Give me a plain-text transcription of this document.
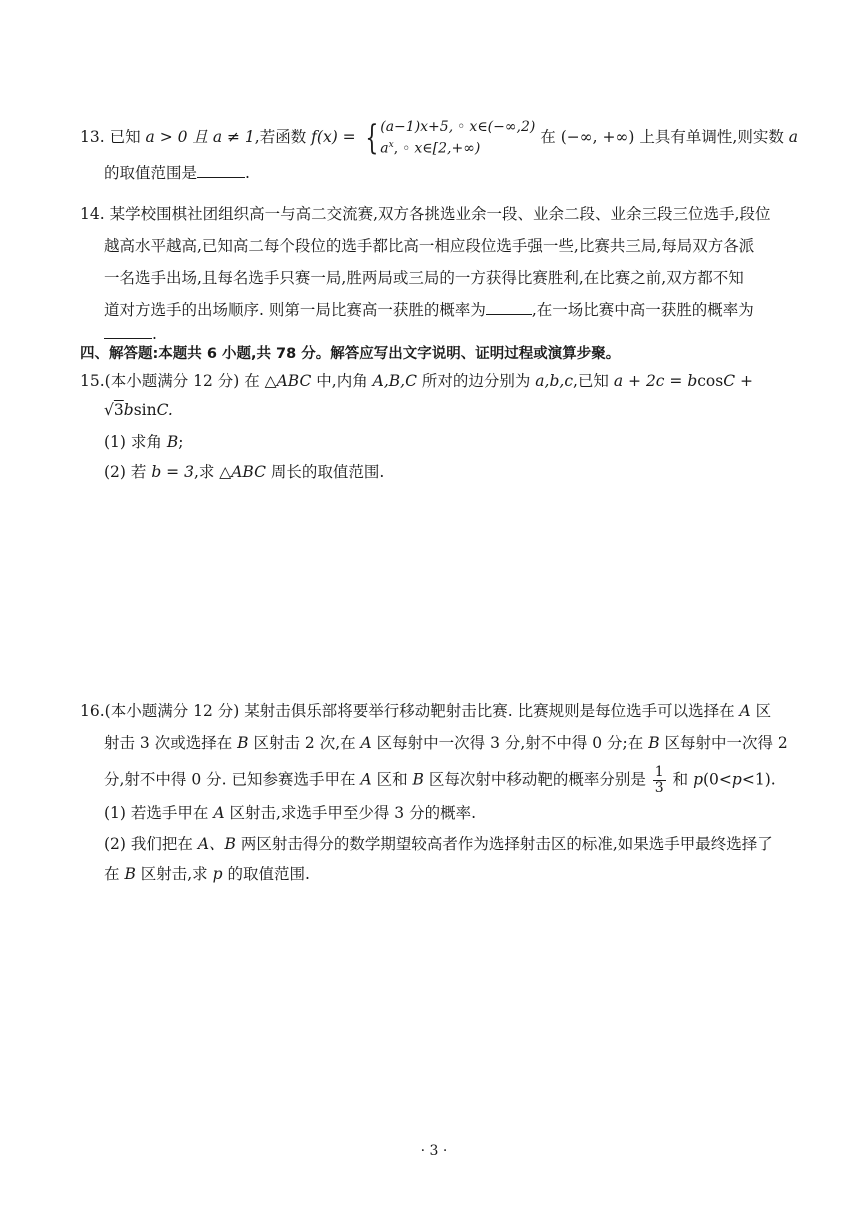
13. 已知 a > 0 且 a ≠ 1,若函数 f(x) = { (a−1)x+5, ◦ x∈(−∞,2)
$a^x$, ◦ x∈[2,+∞)
在 (−∞, +∞) 上具有单调性,则实数 a
的取值范围是	.
14. 某学校围棋社团组织高一与高二交流赛,双方各挑选业余一段、业余二段、业余三段三位选手,段位
越高水平越高,已知高二每个段位的选手都比高一相应段位选手强一些,比赛共三局,每局双方各派
一名选手出场,且每名选手只赛一局,胜两局或三局的一方获得比赛胜利,在比赛之前,双方都不知
道对方选手的出场顺序. 则第一局比赛高一获胜的概率为	,在一场比赛中高一获胜的概率为
.
四、解答题:本题共 6 小题,共 78 分。解答应写出文字说明、证明过程或演算步聚。
15.(本小题满分 12 分) 在 △ABC 中,内角 A,B,C 所对的边分别为 a,b,c,已知 a + 2c = bcosC +
√3bsinC.
(1) 求角 B;
(2) 若 b = 3,求 △ABC 周长的取值范围.
16.(本小题满分 12 分) 某射击俱乐部将要举行移动靶射击比赛. 比赛规则是每位选手可以选择在 A 区
射击 3 次或选择在 B 区射击 2 次,在 A 区每射中一次得 3 分,射不中得 0 分;在 B 区每射中一次得 2
分,射不中得 0 分. 已知参赛选手甲在 A 区和 B 区每次射中移动靶的概率分别是 $\frac{1}{3}$ 和 p(0<p<1).
(1) 若选手甲在 A 区射击,求选手甲至少得 3 分的概率.
(2) 我们把在 A、B 两区射击得分的数学期望较高者作为选择射击区的标准,如果选手甲最终选择了
在 B 区射击,求 p 的取值范围.
· 3 ·
